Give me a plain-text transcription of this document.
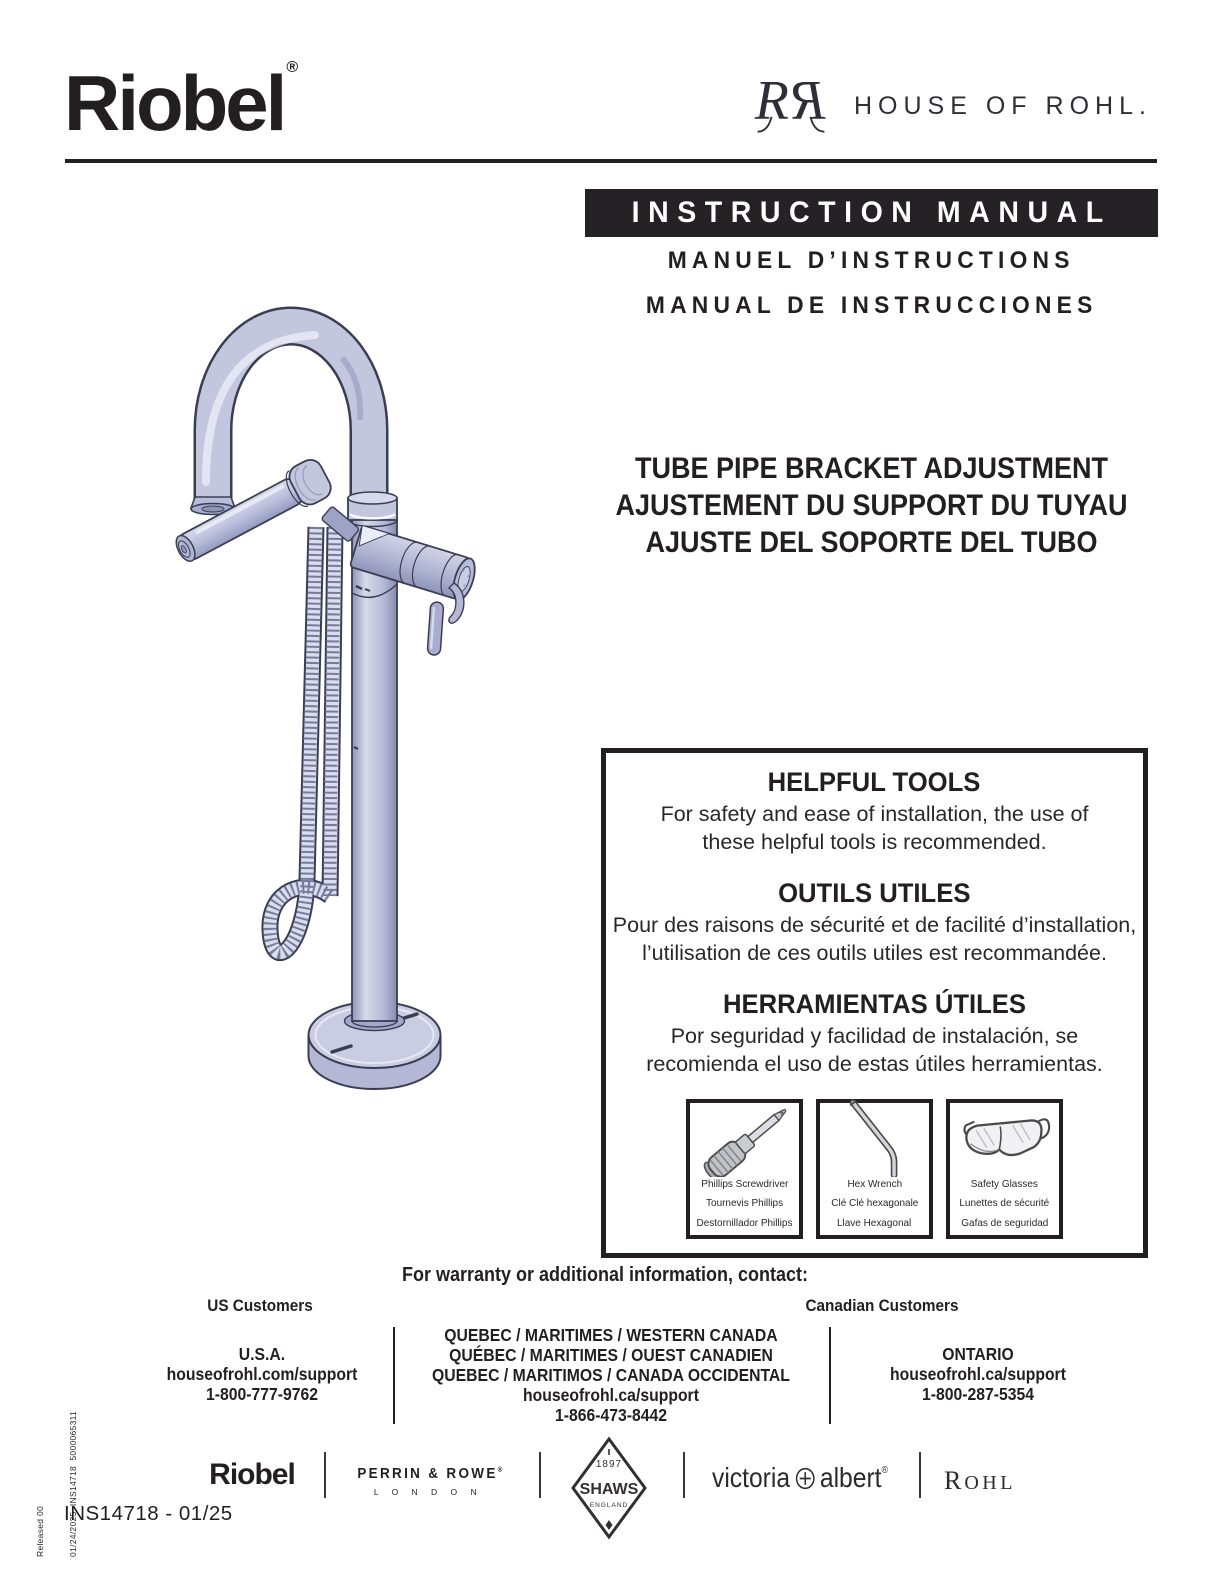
Riobel ®
R R HOUSE OF ROHL.
INSTRUCTION MANUAL
MANUEL D’INSTRUCTIONS
MANUAL DE INSTRUCCIONES
TUBE PIPE BRACKET ADJUSTMENT
AJUSTEMENT DU SUPPORT DU TUYAU
AJUSTE DEL SOPORTE DEL TUBO
HELPFUL TOOLS

For safety and ease of installation, the use of these helpful tools is recommended.

OUTILS UTILES

Pour des raisons de sécurité et de facilité d’installation, l’utilisation de ces outils utiles est recommandée.

HERRAMIENTAS ÚTILES

Por seguridad y facilidad de instalación, se recomienda el uso de estas útiles herramientas.

Phillips Screwdriver
Tournevis Phillips
Destornillador Phillips
Hex Wrench
Clé Clé hexagonale
Llave Hexagonal
Safety Glasses
Lunettes de sécurité
Gafas de seguridad
For warranty or additional information, contact:
US Customers	Canadian Customers
U.S.A.
houseofrohl.com/support
1-800-777-9762
QUEBEC / MARITIMES / WESTERN CANADA
QUÉBEC / MARITIMES / OUEST CANADIEN
QUEBEC / MARITIMOS / CANADA OCCIDENTAL
houseofrohl.ca/support
1-866-473-8442
ONTARIO
houseofrohl.ca/support
1-800-287-5354
Riobel	PERRIN & ROWE®
L O N D O N
1897
SHAWS
ENGLAND
victoria albert® ROHL
INS14718 - 01/25

Released 00

	01/24/2025  INS14718  5000065311
